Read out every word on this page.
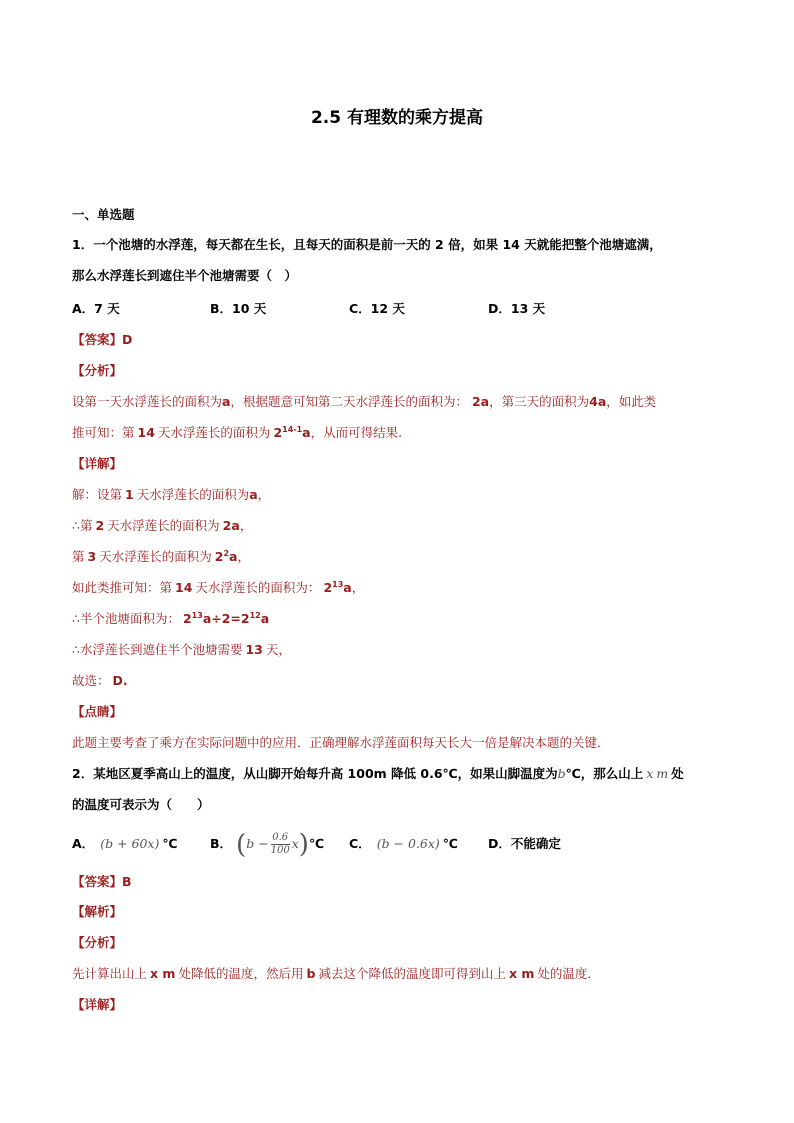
2.5 有理数的乘方提高
一、单选题
1．一个池塘的水浮莲，每天都在生长，且每天的面积是前一天的 2 倍，如果 14 天就能把整个池塘遮满，
那么水浮莲长到遮住半个池塘需要（　）
A．7 天	B．10 天	C．12 天	D．13 天
【答案】D
【分析】
设第一天水浮莲长的面积为a，根据题意可知第二天水浮莲长的面积为： 2a，第三天的面积为4a，如此类
推可知：第 14 天水浮莲长的面积为 2$^{14-1}$a，从而可得结果.
【详解】
解：设第 1 天水浮莲长的面积为a，
∴第 2 天水浮莲长的面积为 2a，
第 3 天水浮莲长的面积为 $2^2a$，
如此类推可知：第 14 天水浮莲长的面积为： $2^{13}a$，
∴半个池塘面积为： $2^{13}a\div 2=2^{12}a$
∴水浮莲长到遮住半个池塘需要 13 天，
故选： D.
【点睛】
此题主要考查了乘方在实际问题中的应用．正确理解水浮莲面积每天长大一倍是解决本题的关键．
2．某地区夏季高山上的温度，从山脚开始每升高 100m 降低 0.6℃，如果山脚温度为b℃，那么山上 x m 处
的温度可表示为（　　）
A． (b + 60x) ℃	B． ($b - \frac{0.6}{100}$ x)℃ C． (b − 0.6x) ℃ D．不能确定
【答案】B
【解析】
【分析】
先计算出山上 x m 处降低的温度，然后用 b 减去这个降低的温度即可得到山上 x m 处的温度．
【详解】
